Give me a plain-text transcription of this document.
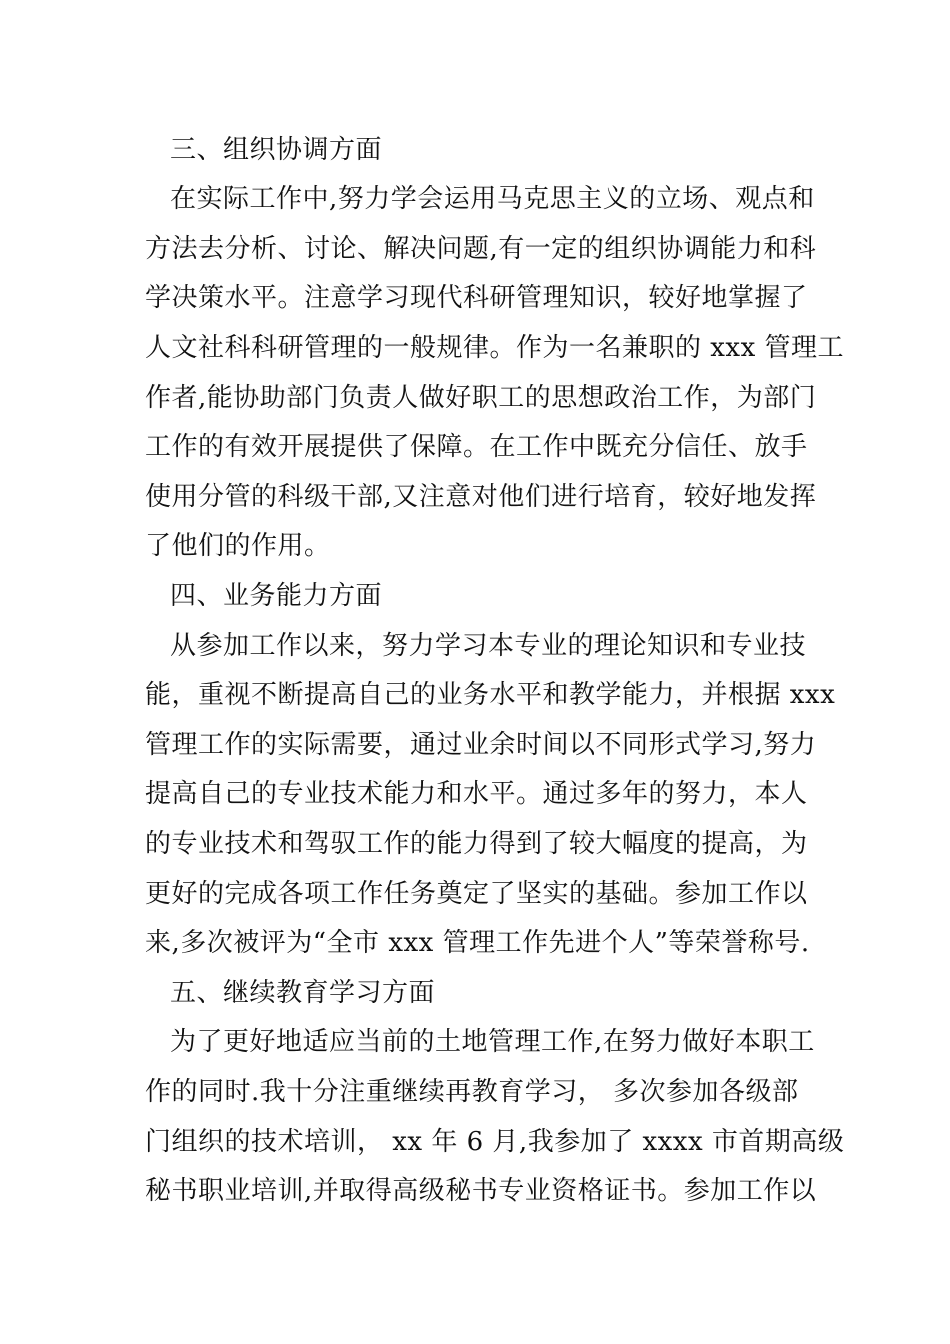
三、组织协调方面
在实际工作中,努力学会运用马克思主义的立场、观点和
方法去分析、讨论、解决问题,有一定的组织协调能力和科
学决策水平。注意学习现代科研管理知识，较好地掌握了
人文社科科研管理的一般规律。作为一名兼职的 xxx 管理工
作者,能协助部门负责人做好职工的思想政治工作，为部门
工作的有效开展提供了保障。在工作中既充分信任、放手
使用分管的科级干部,又注意对他们进行培育，较好地发挥
了他们的作用。
四、业务能力方面
从参加工作以来，努力学习本专业的理论知识和专业技
能，重视不断提高自己的业务水平和教学能力，并根据 xxx
管理工作的实际需要，通过业余时间以不同形式学习,努力
提高自己的专业技术能力和水平。通过多年的努力，本人
的专业技术和驾驭工作的能力得到了较大幅度的提高，为
更好的完成各项工作任务奠定了坚实的基础。参加工作以
来,多次被评为“全市 xxx 管理工作先进个人”等荣誉称号.
五、继续教育学习方面
为了更好地适应当前的土地管理工作,在努力做好本职工
作的同时.我十分注重继续再教育学习， 多次参加各级部
门组织的技术培训， xx 年 6 月,我参加了 xxxx 市首期高级
秘书职业培训,并取得高级秘书专业资格证书。参加工作以
